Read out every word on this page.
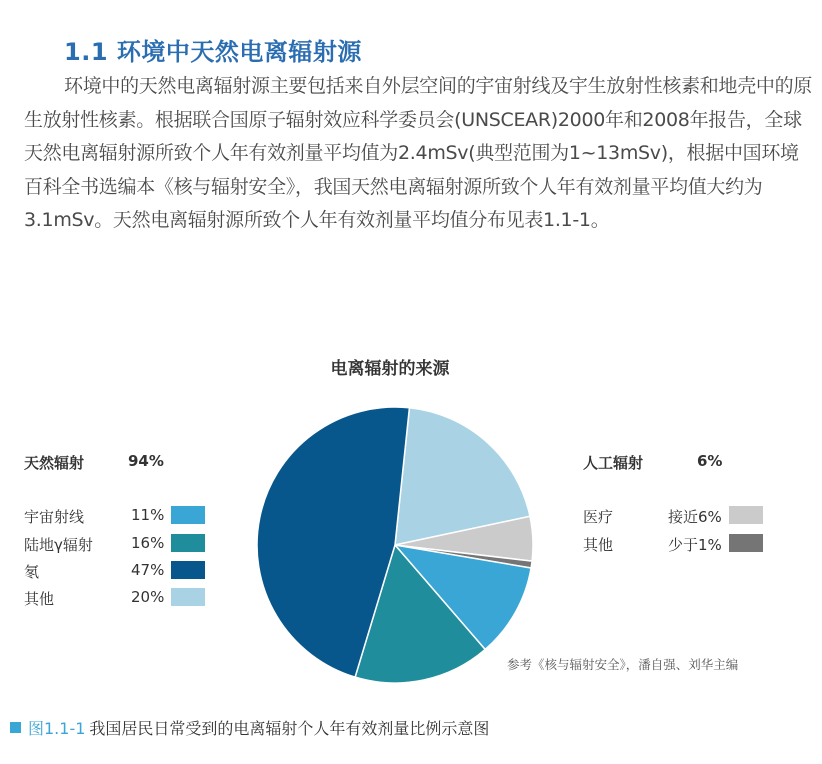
1.1 环境中天然电离辐射源

环境中的天然电离辐射源主要包括来自外层空间的宇宙射线及宇生放射性核素和地壳中的原生放射性核素。根据联合国原子辐射效应科学委员会(UNSCEAR)2000年和2008年报告，全球天然电离辐射源所致个人年有效剂量平均值为2.4mSv(典型范围为1~13mSv)，根据中国环境百科全书选编本《核与辐射安全》，我国天然电离辐射源所致个人年有效剂量平均值大约为3.1mSv。天然电离辐射源所致个人年有效剂量平均值分布见表1.1-1。

电离辐射的来源
天然辐射	94%
宇宙射线	11%
陆地γ辐射	16%
氡	47%
其他	20%
人工辐射	6%
医疗	接近6%
其他	少于1%
参考《核与辐射安全》，潘自强、刘华主编
图1.1-1 我国居民日常受到的电离辐射个人年有效剂量比例示意图
